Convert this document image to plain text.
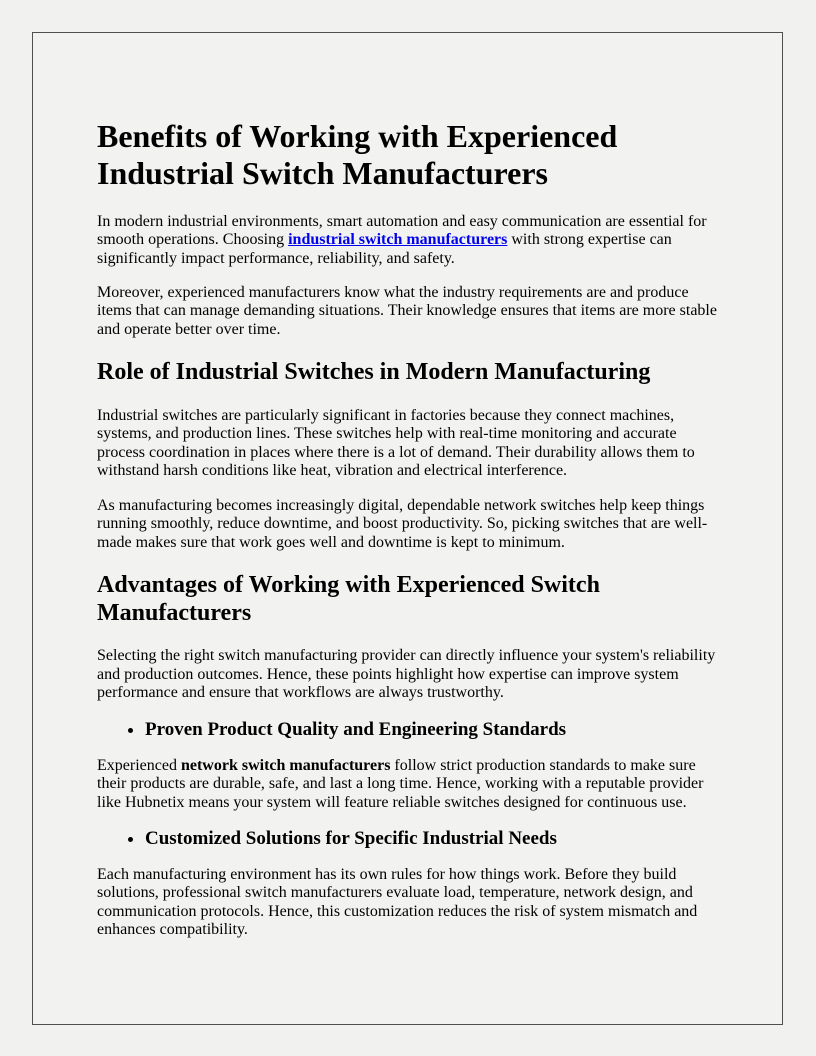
Benefits of Working with Experienced Industrial Switch Manufacturers

In modern industrial environments, smart automation and easy communication are essential for smooth operations. Choosing industrial switch manufacturers with strong expertise can significantly impact performance, reliability, and safety.

Moreover, experienced manufacturers know what the industry requirements are and produce items that can manage demanding situations. Their knowledge ensures that items are more stable and operate better over time.

Role of Industrial Switches in Modern Manufacturing

Industrial switches are particularly significant in factories because they connect machines, systems, and production lines. These switches help with real-time monitoring and accurate process coordination in places where there is a lot of demand. Their durability allows them to withstand harsh conditions like heat, vibration and electrical interference.

As manufacturing becomes increasingly digital, dependable network switches help keep things running smoothly, reduce downtime, and boost productivity. So, picking switches that are well-made makes sure that work goes well and downtime is kept to minimum.

Advantages of Working with Experienced Switch Manufacturers

Selecting the right switch manufacturing provider can directly influence your system's reliability and production outcomes. Hence, these points highlight how expertise can improve system performance and ensure that workflows are always trustworthy.

• Proven Product Quality and Engineering Standards

Experienced network switch manufacturers follow strict production standards to make sure their products are durable, safe, and last a long time. Hence, working with a reputable provider like Hubnetix means your system will feature reliable switches designed for continuous use.

• Customized Solutions for Specific Industrial Needs

Each manufacturing environment has its own rules for how things work. Before they build solutions, professional switch manufacturers evaluate load, temperature, network design, and communication protocols. Hence, this customization reduces the risk of system mismatch and enhances compatibility.
